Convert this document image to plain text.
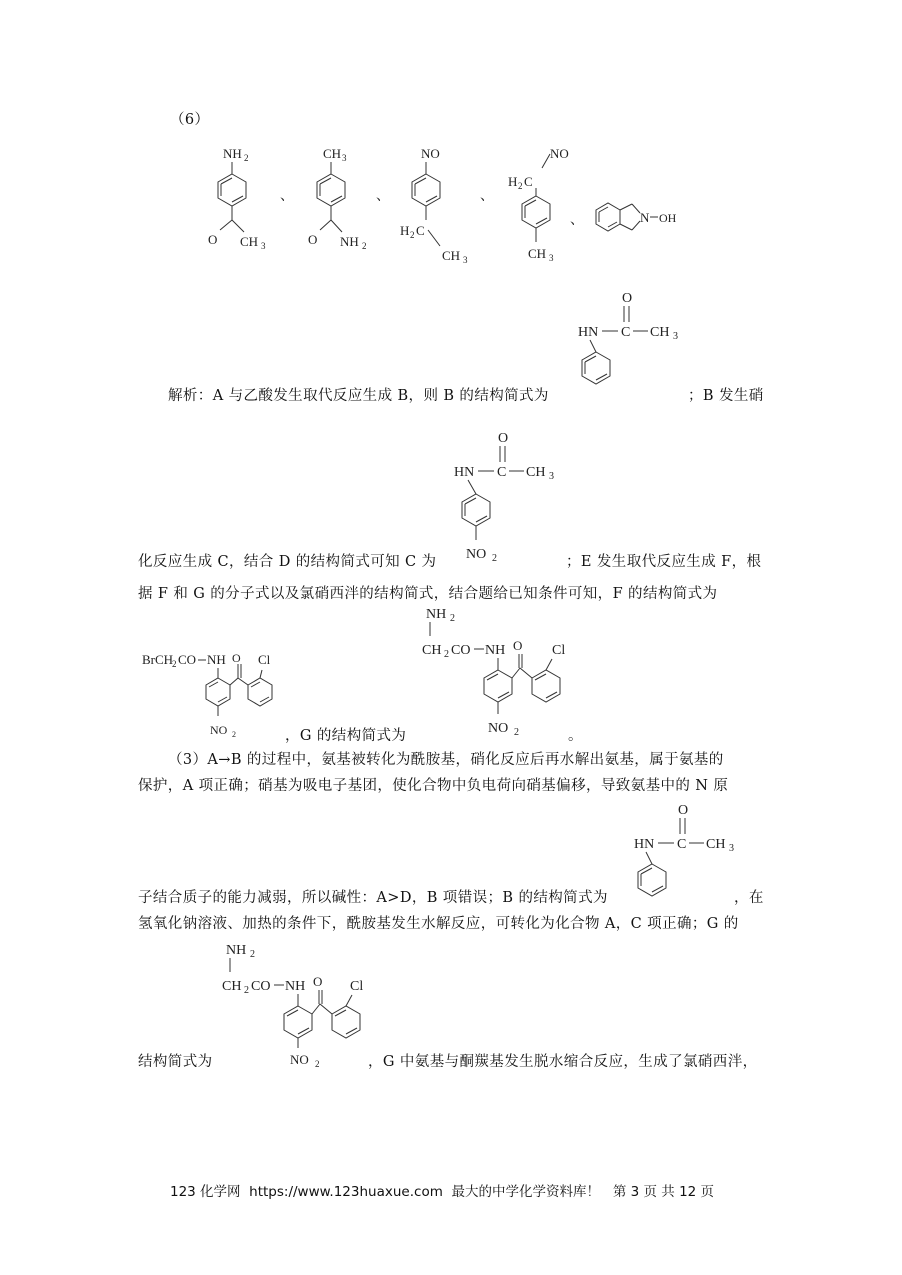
（6）
NH 2
O CH 3
、
CH 3
O NH 2
、
NO
H 2 C
CH 3
、
NO
H 2 C
CH 3
、	N OH
O
HN C CH 3
解析：A 与乙酸发生取代反应生成 B，则 B 的结构简式为	；B 发生硝
O
HN C CH 3
NO 2
化反应生成 C，结合 D 的结构简式可知 C 为	；E 发生取代反应生成 F，根
据 F 和 G 的分子式以及氯硝西泮的结构简式，结合题给已知条件可知，F 的结构简式为
BrCH
2 CO NH O Cl
NO 2
NH 2
CH 2 CO NH O Cl
NO 2
，G 的结构简式为	。
（3）A→B 的过程中，氨基被转化为酰胺基，硝化反应后再水解出氨基，属于氨基的
保护，A 项正确；硝基为吸电子基团，使化合物中负电荷向硝基偏移，导致氨基中的 N 原
O
HN C CH 3
子结合质子的能力减弱，所以碱性：A>D，B 项错误；B 的结构简式为	，在
氢氧化钠溶液、加热的条件下，酰胺基发生水解反应，可转化为化合物 A，C 项正确；G 的
NH 2
CH 2 CO NH O Cl
NO 2
结构简式为	，G 中氨基与酮羰基发生脱水缩合反应，生成了氯硝西泮，
123 化学网 https://www.123huaxue.com 最大的中学化学资料库！ 第 3 页 共 12 页
